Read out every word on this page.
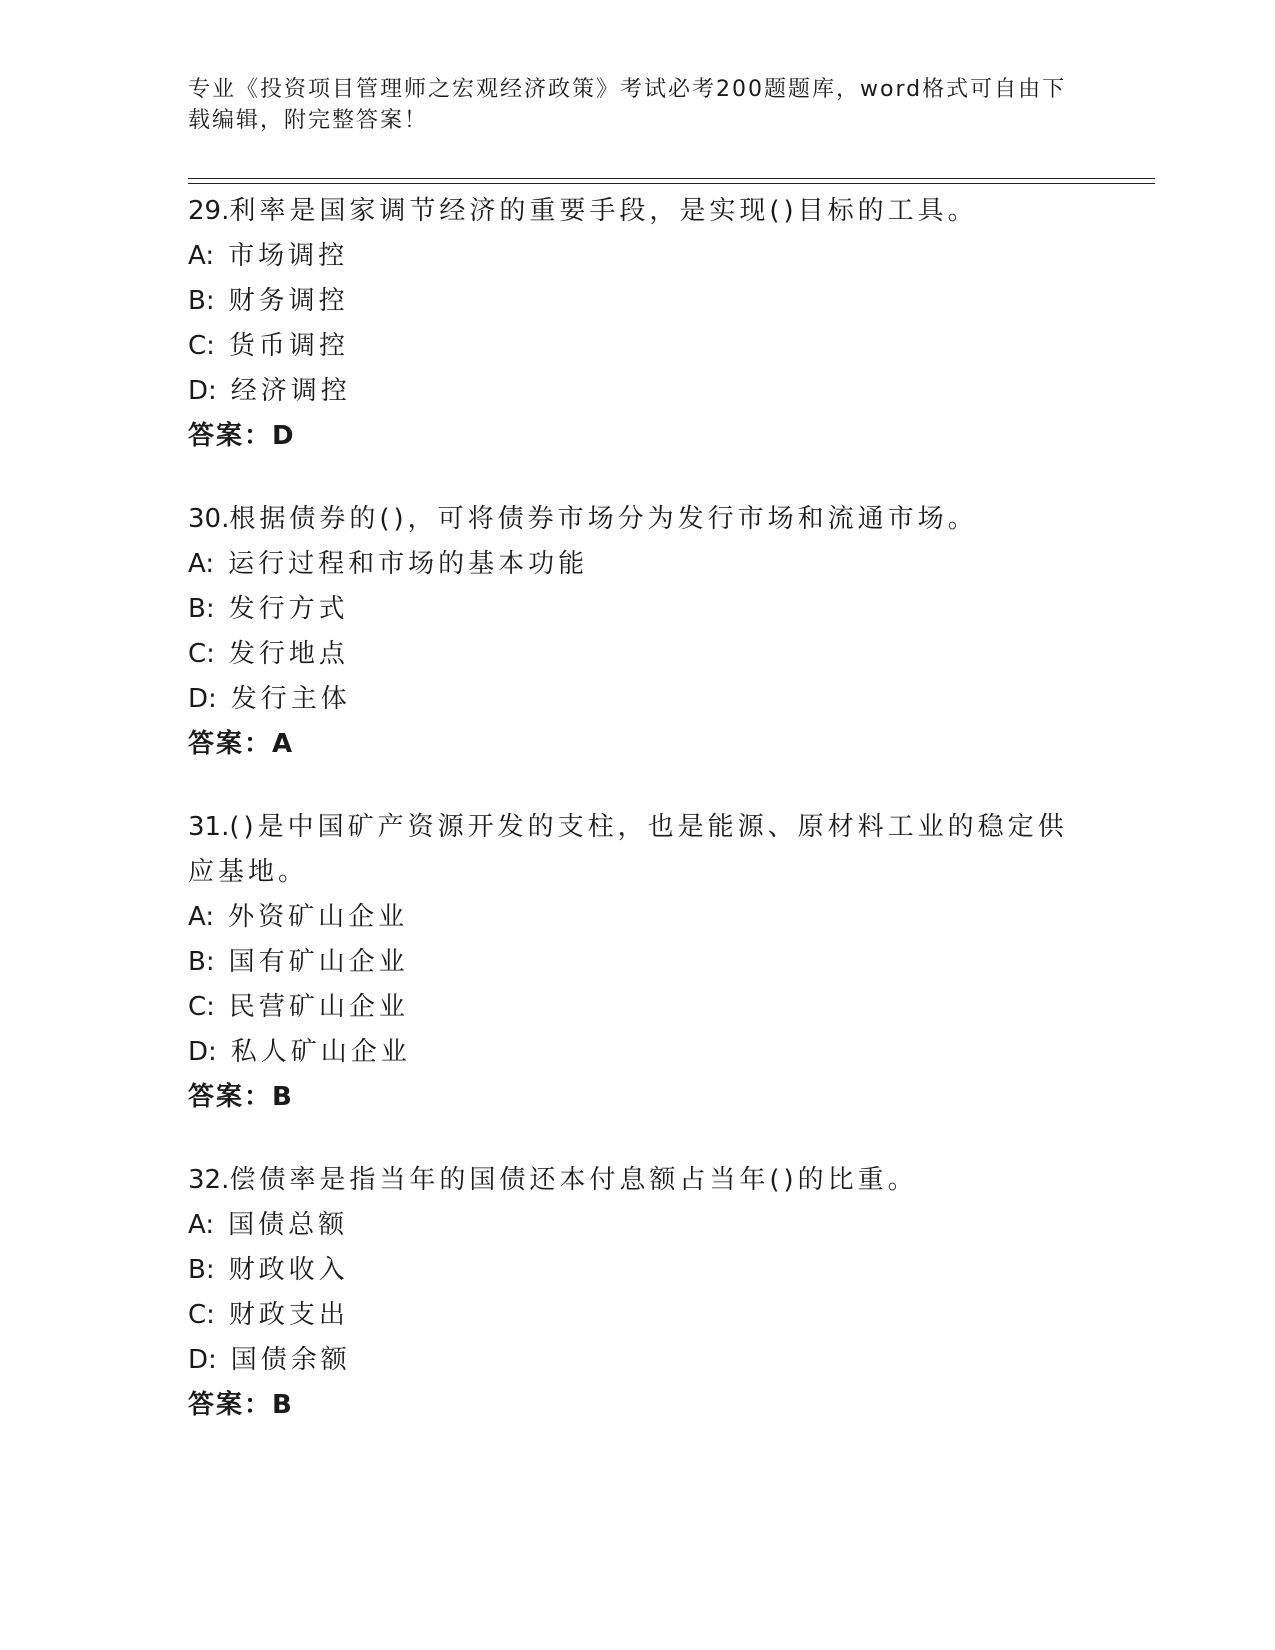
专业《投资项目管理师之宏观经济政策》考试必考200题题库，word格式可自由下载编辑，附完整答案！
29.利率是国家调节经济的重要手段，是实现()目标的工具。
A: 市场调控
B: 财务调控
C: 货币调控
D: 经济调控
答案：D
30.根据债券的()，可将债券市场分为发行市场和流通市场。
A: 运行过程和市场的基本功能
B: 发行方式
C: 发行地点
D: 发行主体
答案：A
31.()是中国矿产资源开发的支柱，也是能源、原材料工业的稳定供应基地。
A: 外资矿山企业
B: 国有矿山企业
C: 民营矿山企业
D: 私人矿山企业
答案：B
32.偿债率是指当年的国债还本付息额占当年()的比重。
A: 国债总额
B: 财政收入
C: 财政支出
D: 国债余额
答案：B
